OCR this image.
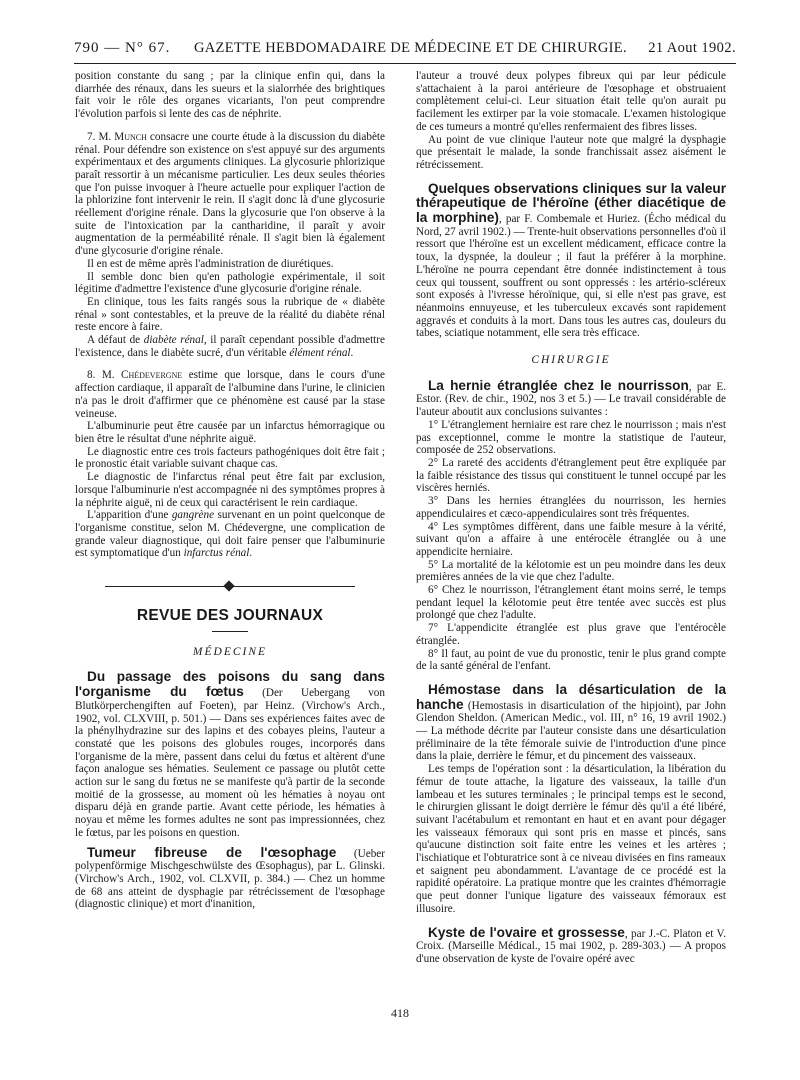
790 — N° 67. GAZETTE HEBDOMADAIRE DE MÉDECINE ET DE CHIRURGIE. 21 Aout 1902.

position constante du sang ; par la clinique enfin qui, dans la diarrhée des rénaux, dans les sueurs et la sialorrhée des brightiques fait voir le rôle des organes vicariants, l'on peut comprendre l'évolution parfois si lente des cas de néphrite.

7. M. Munch consacre une courte étude à la discussion du diabète rénal. Pour défendre son existence on s'est appuyé sur des arguments expérimentaux et des arguments cliniques. La glycosurie phlorizique paraît ressortir à un mécanisme particulier. Les deux seules théories que l'on puisse invoquer à l'heure actuelle pour expliquer l'action de la phlorizine font intervenir le rein. Il s'agit donc là d'une glycosurie réellement d'origine rénale. Dans la glycosurie que l'on observe à la suite de l'intoxication par la cantharidine, il paraît y avoir augmentation de la perméabilité rénale. Il s'agit bien là également d'une glycosurie d'origine rénale.

Il en est de même après l'administration de diurétiques.

Il semble donc bien qu'en pathologie expérimentale, il soit légitime d'admettre l'existence d'une glycosurie d'origine rénale.

En clinique, tous les faits rangés sous la rubrique de « diabète rénal » sont contestables, et la preuve de la réalité du diabète rénal reste encore à faire.

A défaut de diabète rénal, il paraît cependant possible d'admettre l'existence, dans le diabète sucré, d'un véritable élément rénal.

8. M. Chédevergne estime que lorsque, dans le cours d'une affection cardiaque, il apparaît de l'albumine dans l'urine, le clinicien n'a pas le droit d'affirmer que ce phénomène est causé par la stase veineuse.

L'albuminurie peut être causée par un infarctus hémorragique ou bien être le résultat d'une néphrite aiguë.

Le diagnostic entre ces trois facteurs pathogéniques doit être fait ; le pronostic était variable suivant chaque cas.

Le diagnostic de l'infarctus rénal peut être fait par exclusion, lorsque l'albuminurie n'est accompagnée ni des symptômes propres à la néphrite aiguë, ni de ceux qui caractérisent le rein cardiaque.

L'apparition d'une gangrène survenant en un point quelconque de l'organisme constitue, selon M. Chédevergne, une complication de grande valeur diagnostique, qui doit faire penser que l'albuminurie est symptomatique d'un infarctus rénal.

REVUE DES JOURNAUX
MÉDECINE

Du passage des poisons du sang dans l'organisme du fœtus (Der Uebergang von Blutkörperchengiften auf Foeten), par Heinz. (Virchow's Arch., 1902, vol. CLXVIII, p. 501.) — Dans ses expériences faites avec de la phénylhydrazine sur des lapins et des cobayes pleins, l'auteur a constaté que les poisons des globules rouges, incorporés dans l'organisme de la mère, passent dans celui du fœtus et altèrent d'une façon analogue ses hématies. Seulement ce passage ou plutôt cette action sur le sang du fœtus ne se manifeste qu'à partir de la seconde moitié de la grossesse, au moment où les hématies à noyau ont disparu déjà en grande partie. Avant cette période, les hématies à noyau et même les formes adultes ne sont pas impressionnées, chez le fœtus, par les poisons en question.

Tumeur fibreuse de l'œsophage (Ueber polypenförmige Mischgeschwülste des Œsophagus), par L. Glinski. (Virchow's Arch., 1902, vol. CLXVII, p. 384.) — Chez un homme de 68 ans atteint de dysphagie par rétrécissement de l'œsophage (diagnostic clinique) et mort d'inanition,

l'auteur a trouvé deux polypes fibreux qui par leur pédicule s'attachaient à la paroi antérieure de l'œsophage et obstruaient complètement celui-ci. Leur situation était telle qu'on aurait pu facilement les extirper par la voie stomacale. L'examen histologique de ces tumeurs a montré qu'elles renfermaient des fibres lisses.

Au point de vue clinique l'auteur note que malgré la dysphagie que présentait le malade, la sonde franchissait assez aisément le rétrécissement.

Quelques observations cliniques sur la valeur thérapeutique de l'héroïne (éther diacétique de la morphine), par F. Combemale et Huriez. (Écho médical du Nord, 27 avril 1902.) — Trente-huit observations personnelles d'où il ressort que l'héroïne est un excellent médicament, efficace contre la toux, la dyspnée, la douleur ; il faut la préférer à la morphine. L'héroïne ne pourra cependant être donnée indistinctement à tous ceux qui toussent, souffrent ou sont oppressés : les artério-scléreux sont exposés à l'ivresse héroïnique, qui, si elle n'est pas grave, est néanmoins ennuyeuse, et les tuberculeux excavés sont rapidement aggravés et conduits à la mort. Dans tous les autres cas, douleurs du tabes, sciatique notamment, elle sera très efficace.

CHIRURGIE

La hernie étranglée chez le nourrisson, par E. Estor. (Rev. de chir., 1902, nos 3 et 5.) — Le travail considérable de l'auteur aboutit aux conclusions suivantes :

1° L'étranglement herniaire est rare chez le nourrisson ; mais n'est pas exceptionnel, comme le montre la statistique de l'auteur, composée de 252 observations.

2° La rareté des accidents d'étranglement peut être expliquée par la faible résistance des tissus qui constituent le tunnel occupé par les viscères herniés.

3° Dans les hernies étranglées du nourrisson, les hernies appendiculaires et cæco-appendiculaires sont très fréquentes.

4° Les symptômes diffèrent, dans une faible mesure à la vérité, suivant qu'on a affaire à une entérocèle étranglée ou à une appendicite herniaire.

5° La mortalité de la kélotomie est un peu moindre dans les deux premières années de la vie que chez l'adulte.

6° Chez le nourrisson, l'étranglement étant moins serré, le temps pendant lequel la kélotomie peut être tentée avec succès est plus prolongé que chez l'adulte.

7° L'appendicite étranglée est plus grave que l'entérocèle étranglée.

8° Il faut, au point de vue du pronostic, tenir le plus grand compte de la santé général de l'enfant.

Hémostase dans la désarticulation de la hanche (Hemostasis in disarticulation of the hipjoint), par John Glendon Sheldon. (American Medic., vol. III, n° 16, 19 avril 1902.) — La méthode décrite par l'auteur consiste dans une désarticulation préliminaire de la tête fémorale suivie de l'introduction d'une pince dans la plaie, derrière le fémur, et du pincement des vaisseaux.

Les temps de l'opération sont : la désarticulation, la libération du fémur de toute attache, la ligature des vaisseaux, la taille d'un lambeau et les sutures terminales ; le principal temps est le second, le chirurgien glissant le doigt derrière le fémur dès qu'il a été libéré, suivant l'acétabulum et remontant en haut et en avant pour dégager les vaisseaux fémoraux qui sont pris en masse et pincés, sans qu'aucune distinction soit faite entre les veines et les artères ; l'ischiatique et l'obturatrice sont à ce niveau divisées en fins rameaux et saignent peu abondamment. L'avantage de ce procédé est la rapidité opératoire. La pratique montre que les craintes d'hémorragie que peut donner l'unique ligature des vaisseaux fémoraux est illusoire.

Kyste de l'ovaire et grossesse, par J.-C. Platon et V. Croix. (Marseille Médical., 15 mai 1902, p. 289-303.) — A propos d'une observation de kyste de l'ovaire opéré avec

418
